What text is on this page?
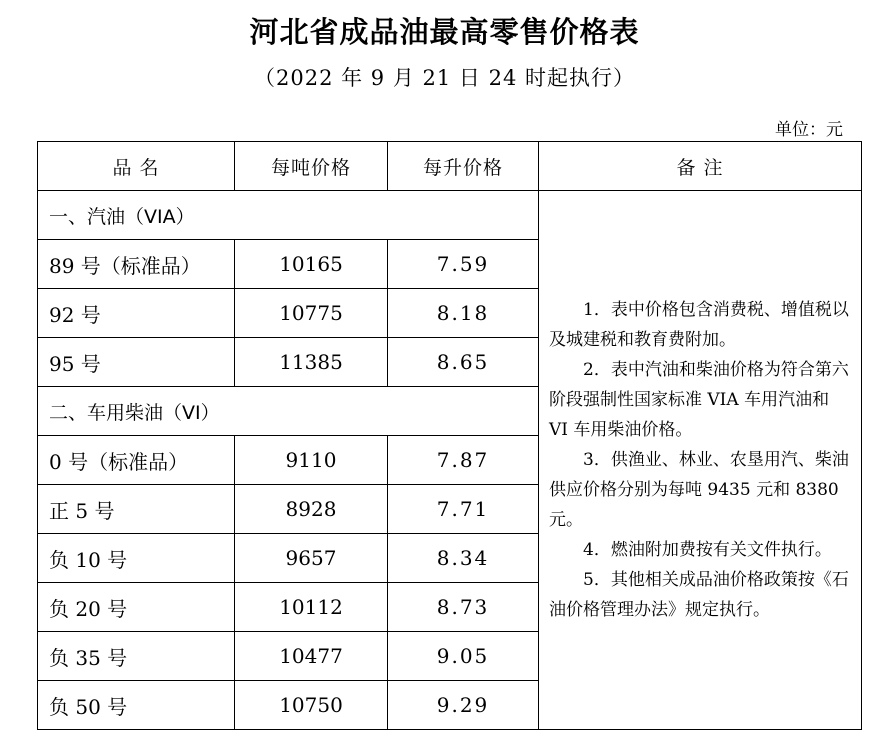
河北省成品油最高零售价格表
（2022 年 9 月 21 日 24 时起执行）
单位：元
品 名	每吨价格	每升价格	备 注
一、汽油（VIA）			1．表中价格包含消费税、增值税以及城建税和教育费附加。

2．表中汽油和柴油价格为符合第六阶段强制性国家标准 VIA 车用汽油和 VI 车用柴油价格。

3．供渔业、林业、农垦用汽、柴油供应价格分别为每吨 9435 元和 8380 元。

4．燃油附加费按有关文件执行。

5．其他相关成品油价格政策按《石油价格管理办法》规定执行。

89 号（标准品）	10165	7.59	
92 号	10775	8.18	
95 号	11385	8.65	
二、车用柴油（VI）			
0 号（标准品）	9110	7.87	
正 5 号	8928	7.71	
负 10 号	9657	8.34	
负 20 号	10112	8.73	
负 35 号	10477	9.05	
负 50 号	10750	9.29	
